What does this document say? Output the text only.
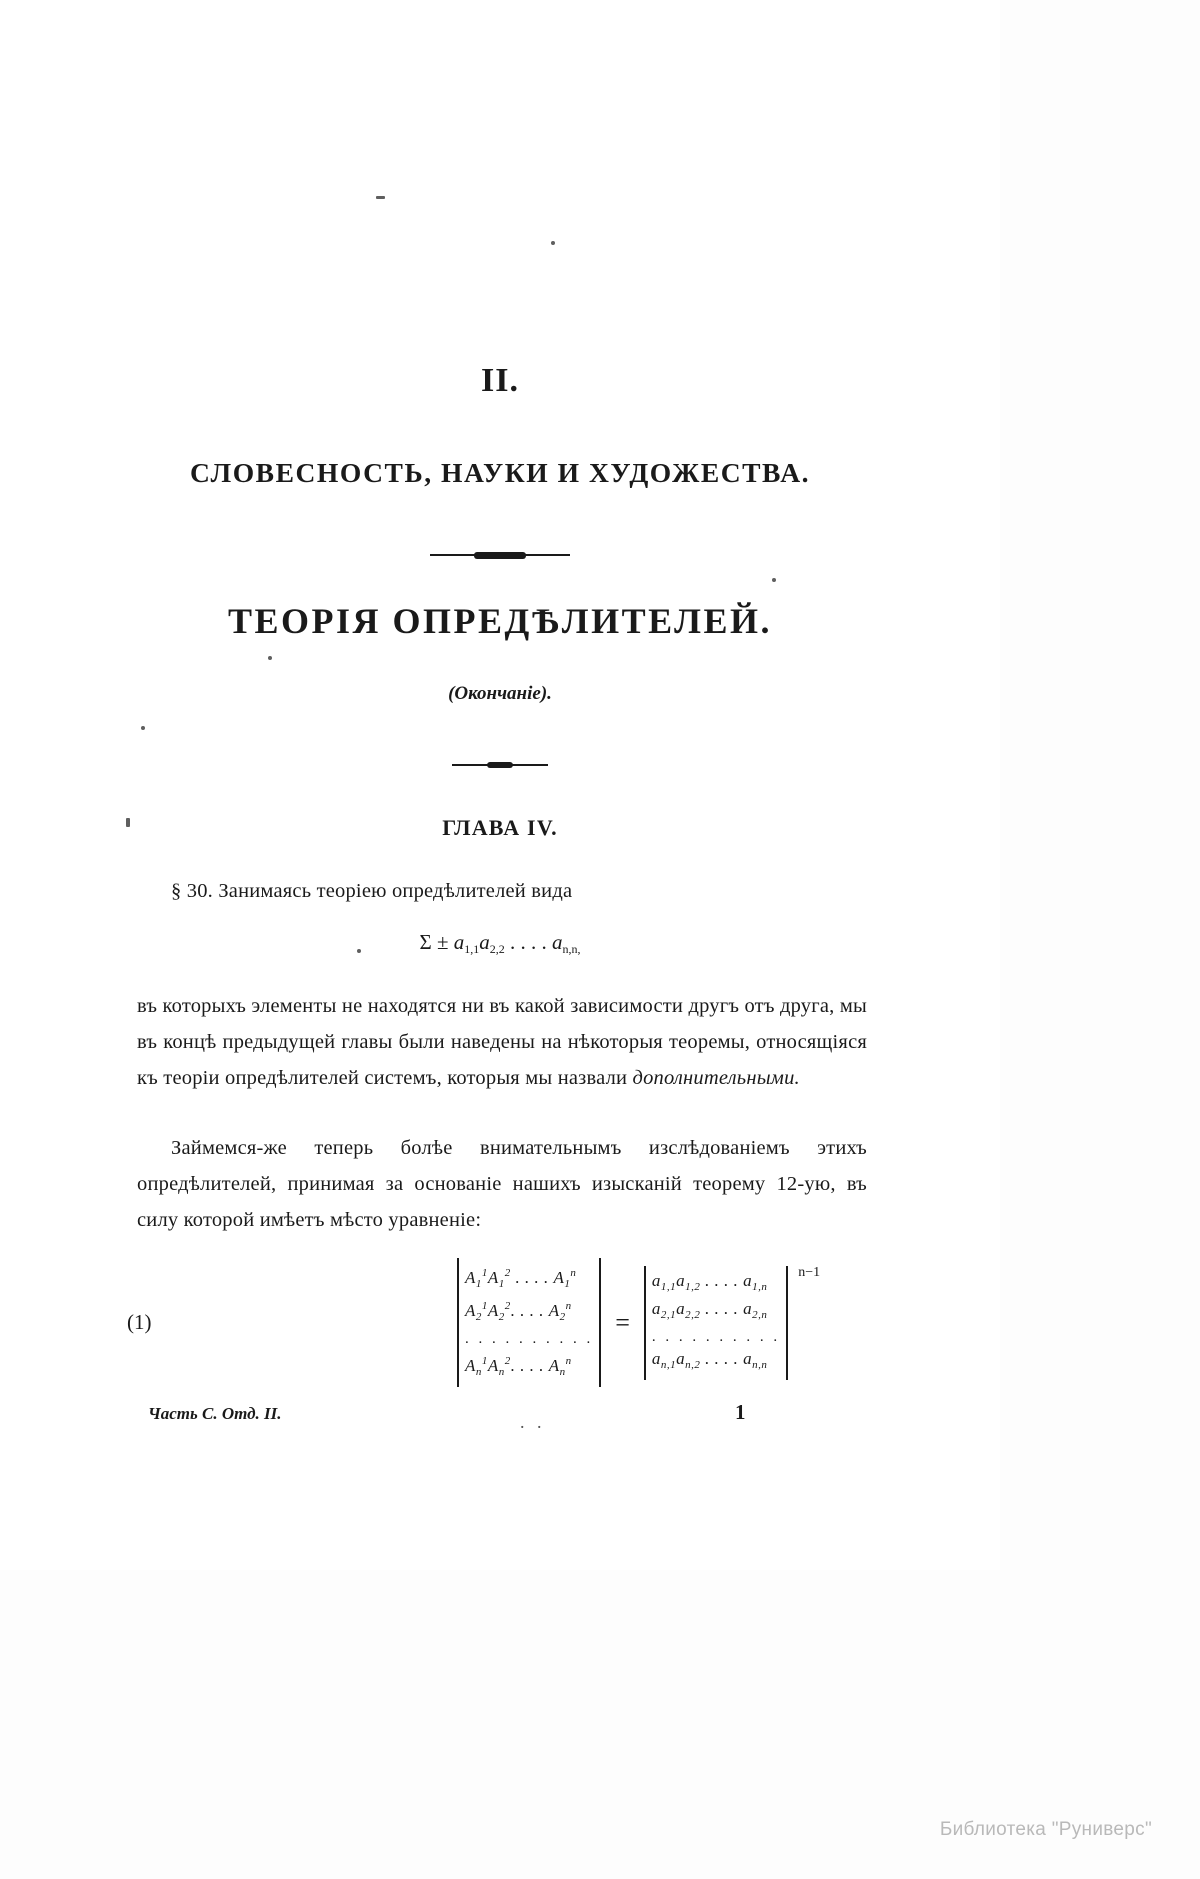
II.
СЛОВЕСНОСТЬ, НАУКИ И ХУДОЖЕСТВА.
ТЕОРІЯ ОПРЕДѢЛИТЕЛЕЙ.
(Окончаніе).
ГЛАВА IV.
§ 30. Занимаясь теоріею опредѣлителей вида
$\Sigma \pm a_{1,1}a_{2,2}$ . . . . $a_{n,n,}$
въ которыхъ элементы не находятся ни въ какой зависимости другъ отъ друга, мы въ концѣ предыдущей главы были наведены на нѣкоторыя теоремы, относящіяся къ теоріи опредѣлителей системъ, которыя мы назвали дополнительными.
Займемся-же теперь болѣе внимательнымъ изслѣдованіемъ этихъ опредѣлителей, принимая за основаніе нашихъ изысканій теорему 12-ую, въ силу которой имѣетъ мѣсто уравненіе:
(1)
$A_1^1A_1^2$ . . . . $A_1^n$
$A_2^1A_2^2$. . . . $A_2^n$
. . . . . . . . . .
$A_n^1A_n^2$. . . . $A_n^n$
=
$a_{1,1}a_{1,2}$ . . . . $a_{1,n}$
$a_{2,1}a_{2,2}$ . . . . $a_{2,n}$
. . . . . . . . . .
$a_{n,1}a_{n,2}$ . . . . $a_{n,n}$
n−1
Часть С. Отд. II.	. .	1
Библиотека "Руниверс"
